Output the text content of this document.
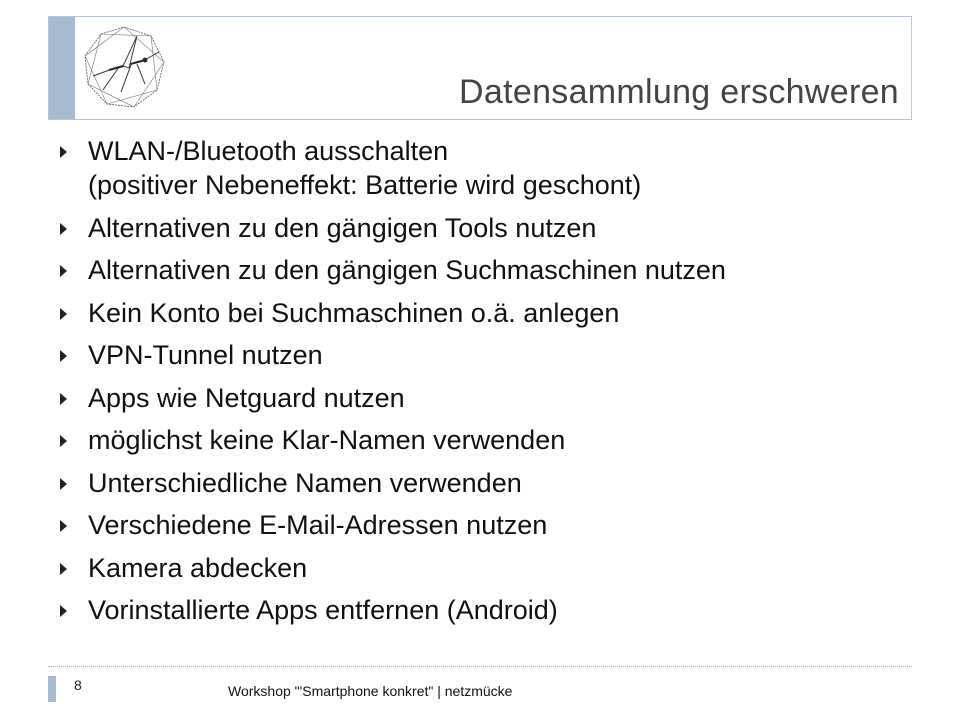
Datensammlung erschweren
WLAN-/Bluetooth ausschalten
(positiver Nebeneffekt: Batterie wird geschont)
Alternativen zu den gängigen Tools nutzen
Alternativen zu den gängigen Suchmaschinen nutzen
Kein Konto bei Suchmaschinen o.ä. anlegen
VPN-Tunnel nutzen
Apps wie Netguard nutzen
möglichst keine Klar-Namen verwenden
Unterschiedliche Namen verwenden
Verschiedene E-Mail-Adressen nutzen
Kamera abdecken
Vorinstallierte Apps entfernen (Android)
8	Workshop "'Smartphone konkret" | netzmücke
